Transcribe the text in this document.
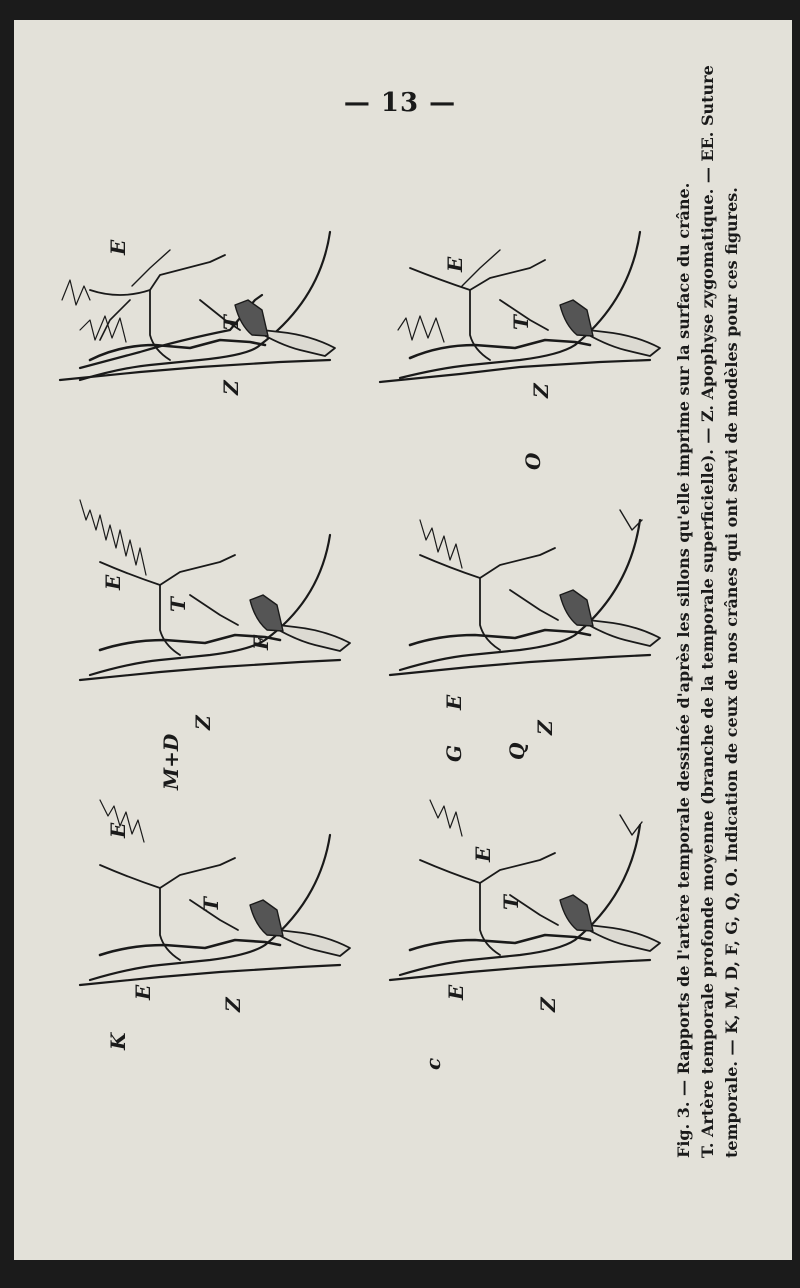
— 13 —
E
T
Z
E
T
Z
E
T
Z
F
E
G
Z
M+D	Q
E
E
T
Z
K
E
E
T
Z
O
c	Fig. 3. — Rapports de l'artère temporale dessinée d'après les sillons qu'elle imprime sur la surface du crâne. T. Artère temporale profonde moyenne (branche de la temporale superficielle). — Z. Apophyse zygomatique. — EE. Suture temporale. — K, M, D, F, G, Q, O. Indication de ceux de nos crânes qui ont servi de modèles pour ces figures.
